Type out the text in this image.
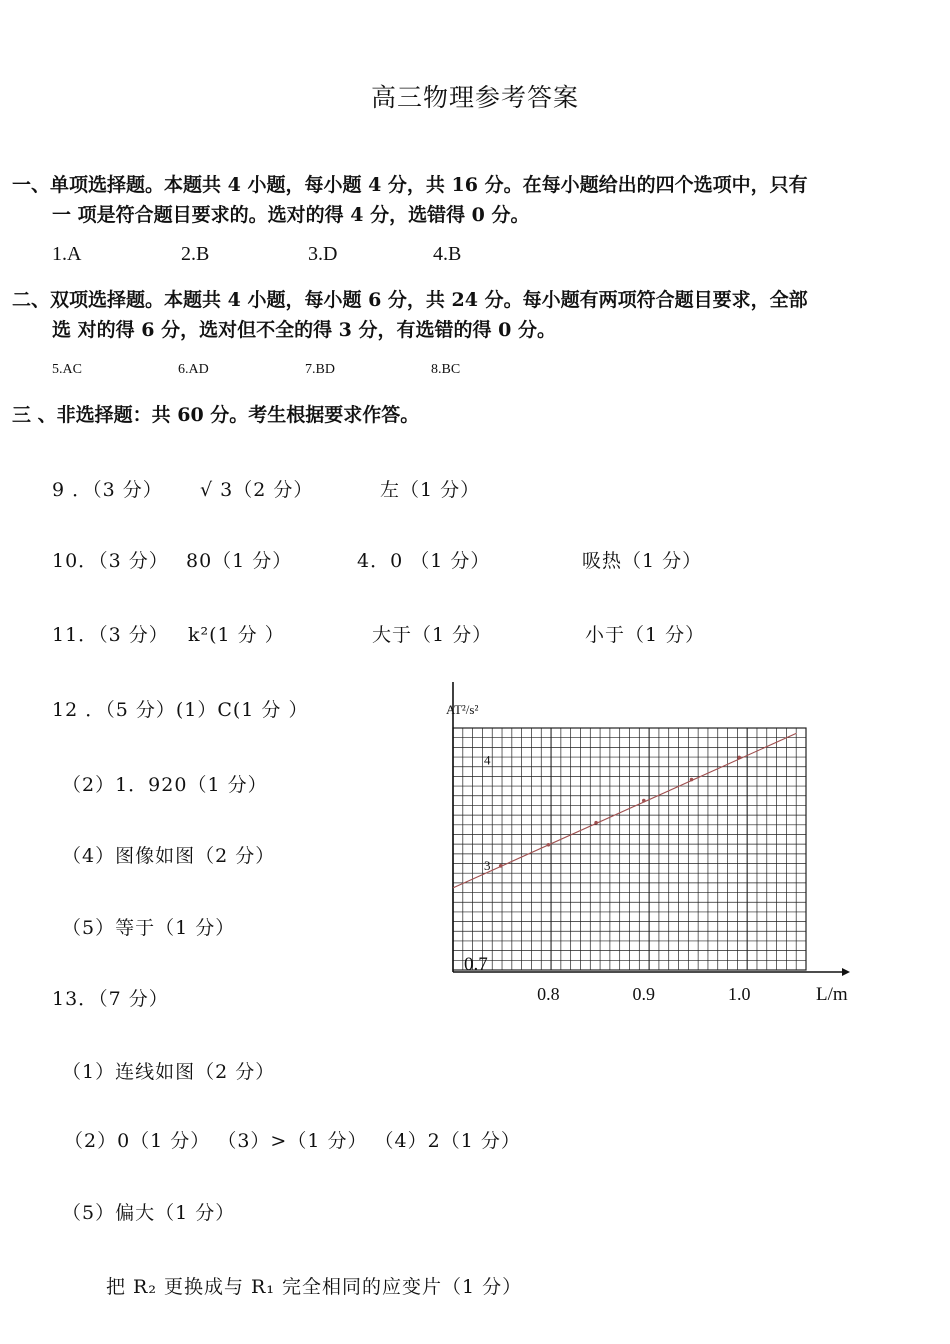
高三物理参考答案
一、单项选择题。本题共 4 小题，每小题 4 分，共 16 分。在每小题给出的四个选项中，只有
一 项是符合题目要求的。选对的得 4 分，选错得 0 分。
1.A	2.B	3.D	4.B
二、双项选择题。本题共 4 小题，每小题 6 分，共 24 分。每小题有两项符合题目要求，全部
选 对的得 6 分，选对但不全的得 3 分，有选错的得 0 分。
5.AC	6.AD	7.BD	8.BC
三 、非选择题：共 60 分。考生根据要求作答。
9 ．（3 分） √ 3（2 分）	左（1 分）
10．（3 分） 80（1 分）	4．0 （1 分）	吸热（1 分）
11．（3 分） k²(1 分 ）	大于（1 分）	小于（1 分）
12 ．（5 分）(1）C(1 分 ）
（2）1．920（1 分）
（4）图像如图（2 分）
（5）等于（1 分）
13．（7 分）
（1）连线如图（2 分）
（2）0（1 分） （3）>（1 分） （4）2（1 分）
（5）偏大（1 分）
把 R₂ 更换成与 R₁ 完全相同的应变片（1 分）
AT²/s²
L/m
0.7
0.8	0.9	1.0
3
4
